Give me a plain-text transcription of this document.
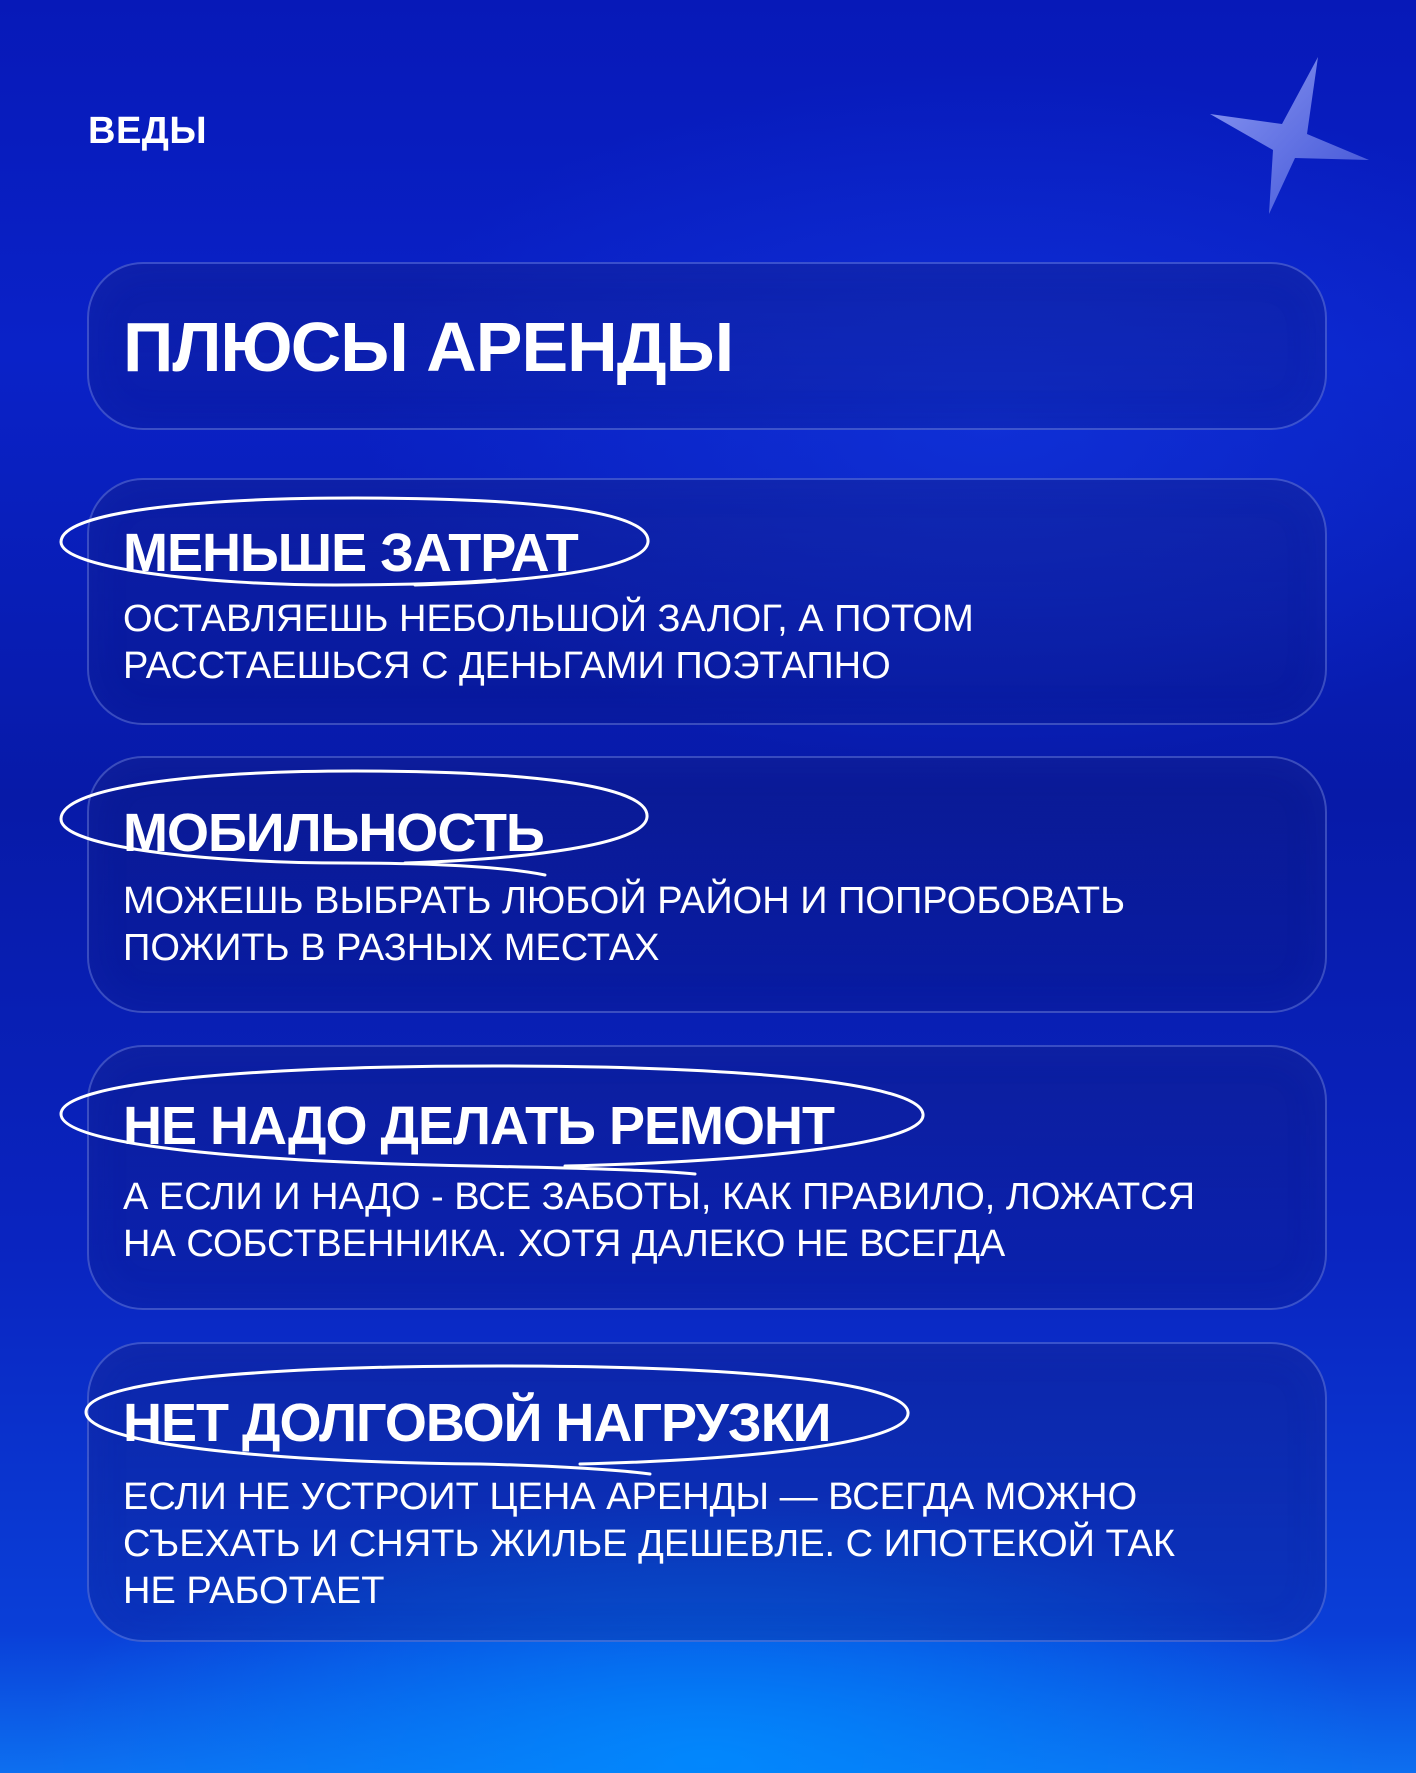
ВЕДЫ
ПЛЮСЫ АРЕНДЫ
МЕНЬШЕ ЗАТРАТ
ОСТАВЛЯЕШЬ НЕБОЛЬШОЙ ЗАЛОГ, А ПОТОМ
РАССТАЕШЬСЯ С ДЕНЬГАМИ ПОЭТАПНО
МОБИЛЬНОСТЬ
МОЖЕШЬ ВЫБРАТЬ ЛЮБОЙ РАЙОН И ПОПРОБОВАТЬ
ПОЖИТЬ В РАЗНЫХ МЕСТАХ
НЕ НАДО ДЕЛАТЬ РЕМОНТ
А ЕСЛИ И НАДО - ВСЕ ЗАБОТЫ, КАК ПРАВИЛО, ЛОЖАТСЯ
НА СОБСТВЕННИКА. ХОТЯ ДАЛЕКО НЕ ВСЕГДА
НЕТ ДОЛГОВОЙ НАГРУЗКИ
ЕСЛИ НЕ УСТРОИТ ЦЕНА АРЕНДЫ — ВСЕГДА МОЖНО
СЪЕХАТЬ И СНЯТЬ ЖИЛЬЕ ДЕШЕВЛЕ. С ИПОТЕКОЙ ТАК
НЕ РАБОТАЕТ
